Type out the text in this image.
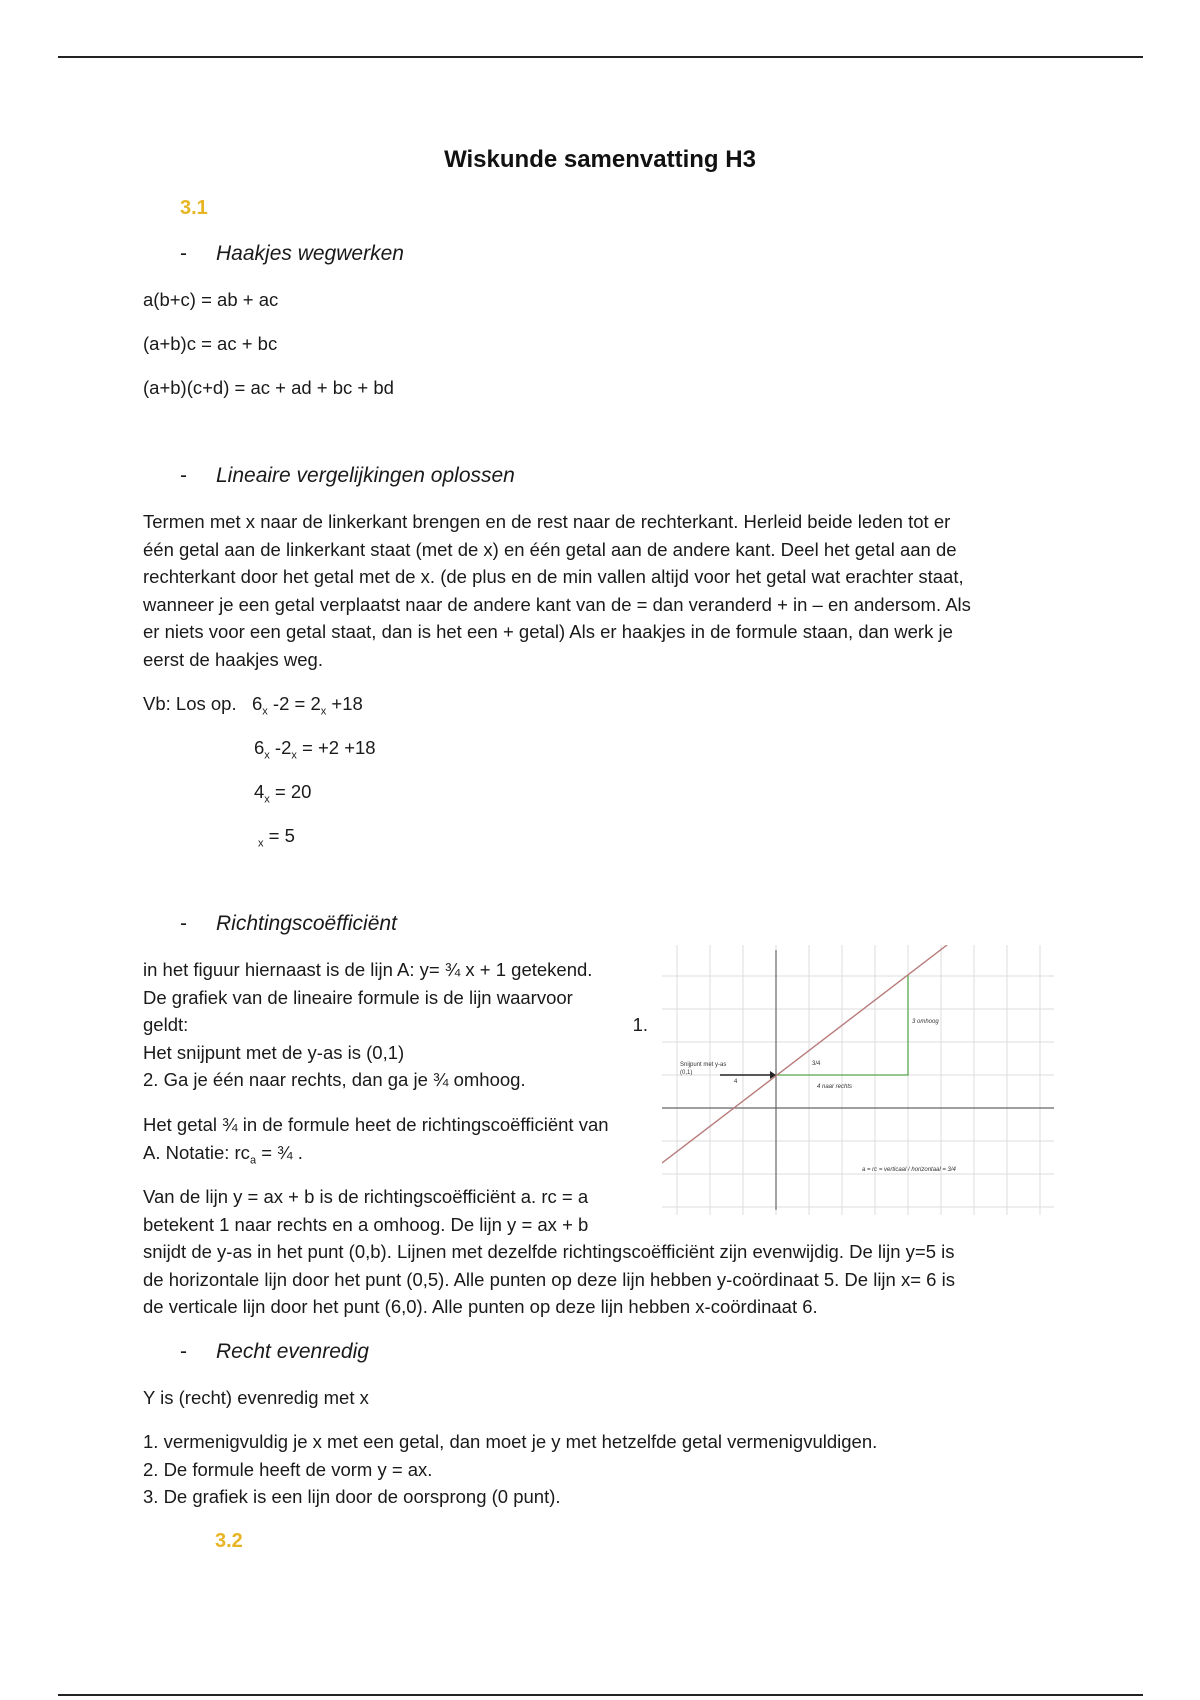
Wiskunde samenvatting H3
3.1
- Haakjes wegwerken
a(b+c) = ab + ac
(a+b)c = ac + bc
(a+b)(c+d) = ac + ad + bc + bd
- Lineaire vergelijkingen oplossen
Termen met x naar de linkerkant brengen en de rest naar de rechterkant. Herleid beide leden tot er
één getal aan de linkerkant staat (met de x) en één getal aan de andere kant. Deel het getal aan de
rechterkant door het getal met de x. (de plus en de min vallen altijd voor het getal wat erachter staat,
wanneer je een getal verplaatst naar de andere kant van de = dan veranderd + in – en andersom. Als
er niets voor een getal staat, dan is het een + getal) Als er haakjes in de formule staan, dan werk je
eerst de haakjes weg.
Vb: Los op. $6_x$ $-2 = 2_x +18$
$6_x$ $-2_x = +2 +18$
$4_x = 20$
$_x$ = 5
- Richtingscoëfficiënt
in het figuur hiernaast is de lijn A: y= ¾ x + 1 getekend.
De grafiek van de lineaire formule is de lijn waarvoor
geldt:	1.
Het snijpunt met de y-as is (0,1)
2. Ga je één naar rechts, dan ga je ¾ omhoog.
Het getal ¾ in de formule heet de richtingscoëfficiënt van
A. Notatie: $rc_a$ = ¾ .
Van de lijn y = ax + b is de richtingscoëfficiënt a. rc = a
betekent 1 naar rechts en a omhoog. De lijn y = ax + b
snijdt de y-as in het punt (0,b). Lijnen met dezelfde richtingscoëfficiënt zijn evenwijdig. De lijn y=5 is
de horizontale lijn door het punt (0,5). Alle punten op deze lijn hebben y-coördinaat 5. De lijn x= 6 is
de verticale lijn door het punt (6,0). Alle punten op deze lijn hebben x-coördinaat 6.
Snijpunt met y-as
(0,1)
4
3 omhoog
4 naar rechts
3/4
a = rc = verticaal / horizontaal = 3/4
- Recht evenredig
Y is (recht) evenredig met x
1. vermenigvuldig je x met een getal, dan moet je y met hetzelfde getal vermenigvuldigen.
2. De formule heeft de vorm y = ax.
3. De grafiek is een lijn door de oorsprong (0 punt).
3.2
